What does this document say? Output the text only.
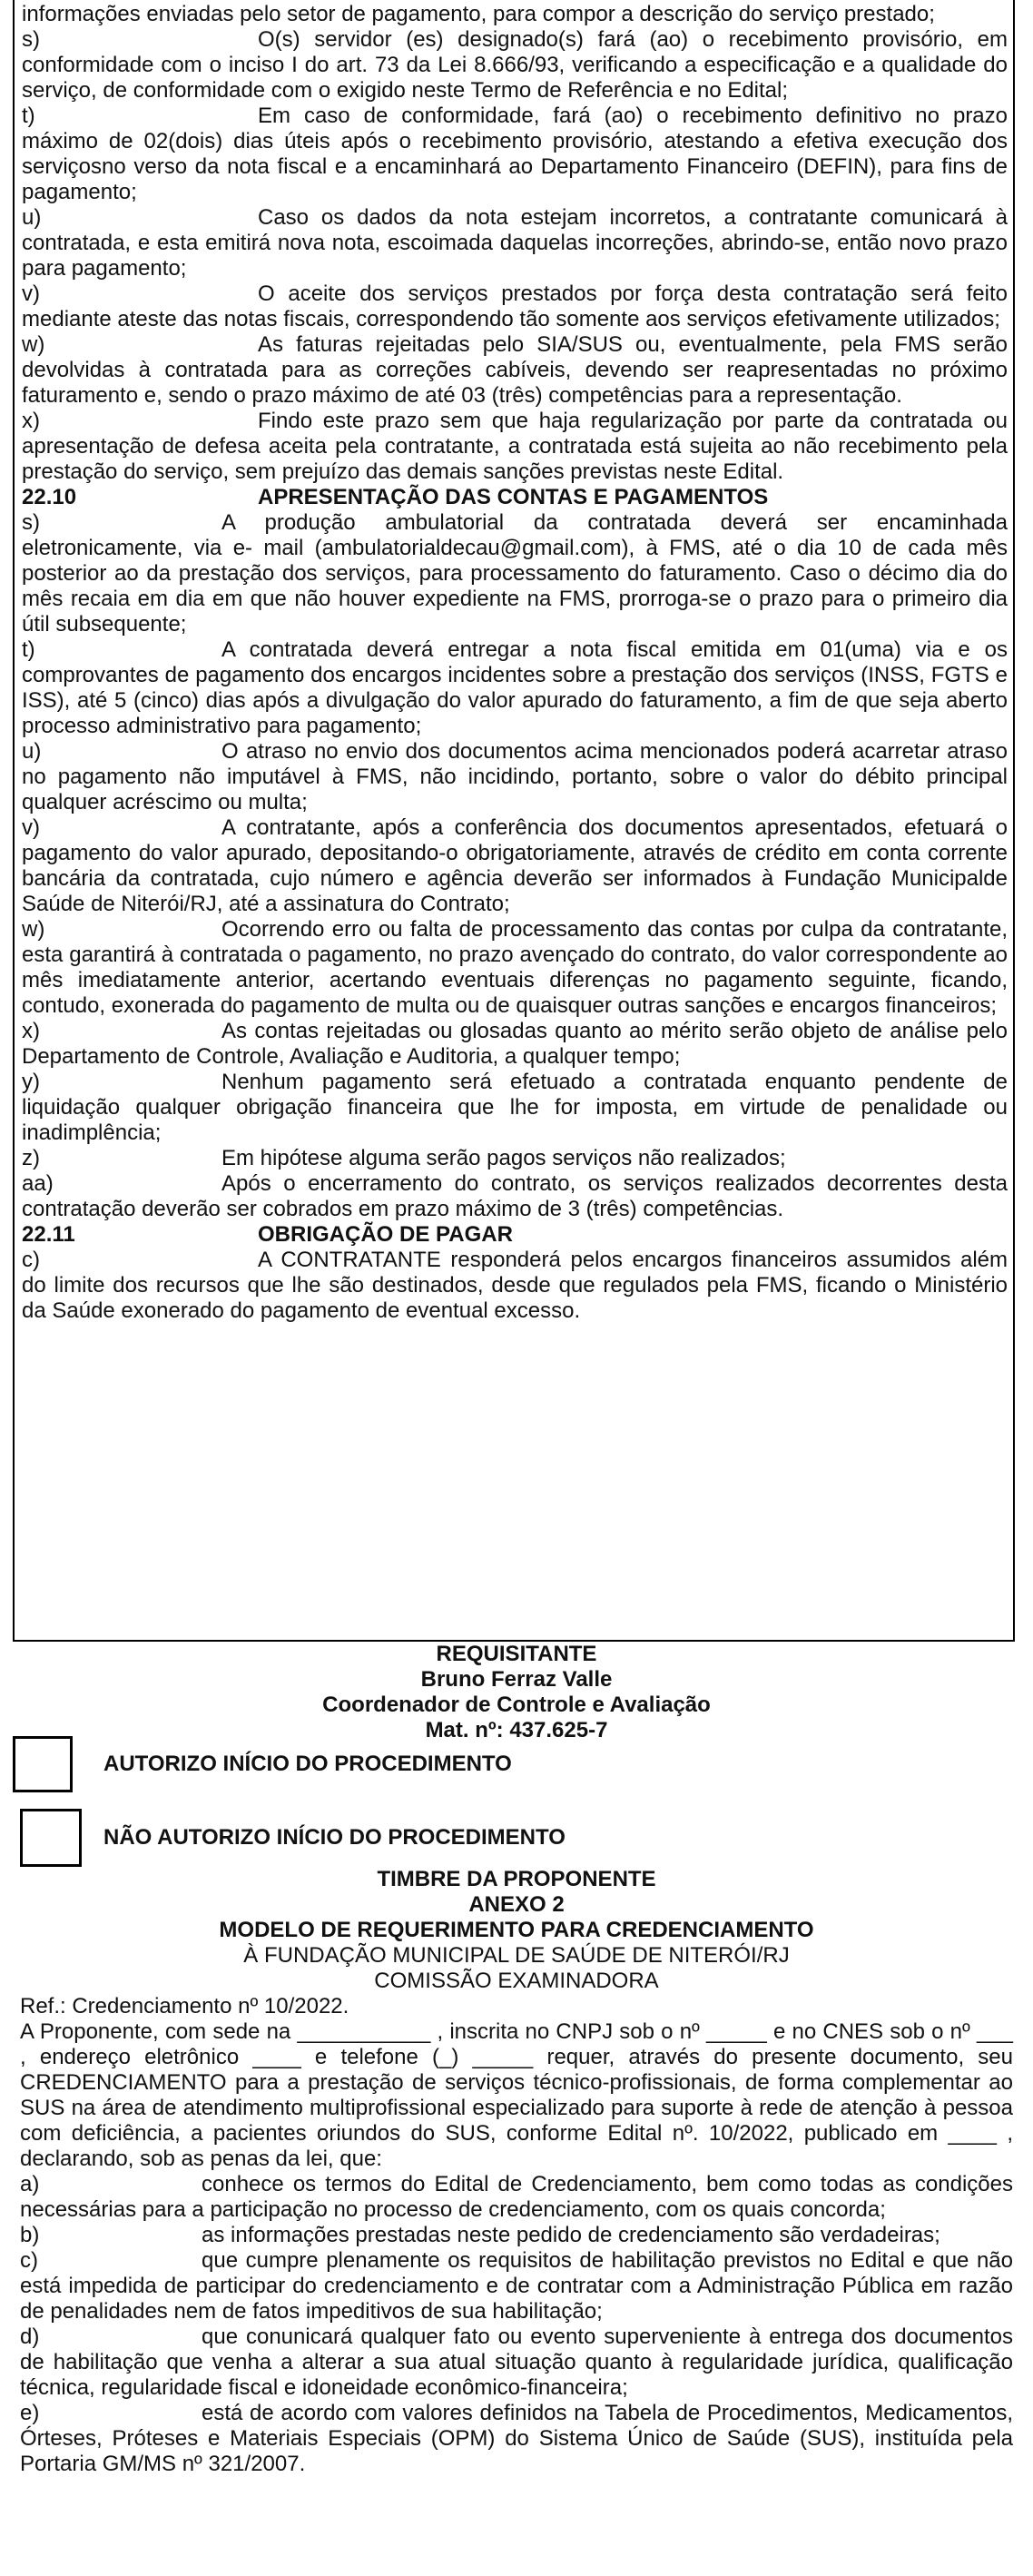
informações enviadas pelo setor de pagamento, para compor a descrição do serviço prestado;

s)	O(s) servidor (es) designado(s) fará (ao) o recebimento provisório, em conformidade com o inciso I do art. 73 da Lei 8.666/93, verificando a especificação e a qualidade do serviço, de conformidade com o exigido neste Termo de Referência e no Edital;

t)	Em caso de conformidade, fará (ao) o recebimento definitivo no prazo máximo de 02(dois) dias úteis após o recebimento provisório, atestando a efetiva execução dos serviçosno verso da nota fiscal e a encaminhará ao Departamento Financeiro (DEFIN), para fins de pagamento;

u)	Caso os dados da nota estejam incorretos, a contratante comunicará à contratada, e esta emitirá nova nota, escoimada daquelas incorreções, abrindo-se, então novo prazo para pagamento;

v)	O aceite dos serviços prestados por força desta contratação será feito mediante ateste das notas fiscais, correspondendo tão somente aos serviços efetivamente utilizados;

w)	As faturas rejeitadas pelo SIA/SUS ou, eventualmente, pela FMS serão devolvidas à contratada para as correções cabíveis, devendo ser reapresentadas no próximo faturamento e, sendo o prazo máximo de até 03 (três) competências para a representação.

x)	Findo este prazo sem que haja regularização por parte da contratada ou apresentação de defesa aceita pela contratante, a contratada está sujeita ao não recebimento pela prestação do serviço, sem prejuízo das demais sanções previstas neste Edital.

22.10	APRESENTAÇÃO DAS CONTAS E PAGAMENTOS

s)	A produção ambulatorial da contratada deverá ser encaminhada eletronicamente, via e- mail (ambulatorialdecau@gmail.com), à FMS, até o dia 10 de cada mês posterior ao da prestação dos serviços, para processamento do faturamento. Caso o décimo dia do mês recaia em dia em que não houver expediente na FMS, prorroga-se o prazo para o primeiro dia útil subsequente;

t)	A contratada deverá entregar a nota fiscal emitida em 01(uma) via e os comprovantes de pagamento dos encargos incidentes sobre a prestação dos serviços (INSS, FGTS e ISS), até 5 (cinco) dias após a divulgação do valor apurado do faturamento, a fim de que seja aberto processo administrativo para pagamento;

u)	O atraso no envio dos documentos acima mencionados poderá acarretar atraso no pagamento não imputável à FMS, não incidindo, portanto, sobre o valor do débito principal qualquer acréscimo ou multa;

v)	A contratante, após a conferência dos documentos apresentados, efetuará o pagamento do valor apurado, depositando-o obrigatoriamente, através de crédito em conta corrente bancária da contratada, cujo número e agência deverão ser informados à Fundação Municipalde Saúde de Niterói/RJ, até a assinatura do Contrato;

w)	Ocorrendo erro ou falta de processamento das contas por culpa da contratante, esta garantirá à contratada o pagamento, no prazo avençado do contrato, do valor correspondente ao mês imediatamente anterior, acertando eventuais diferenças no pagamento seguinte, ficando, contudo, exonerada do pagamento de multa ou de quaisquer outras sanções e encargos financeiros;

x)	As contas rejeitadas ou glosadas quanto ao mérito serão objeto de análise pelo Departamento de Controle, Avaliação e Auditoria, a qualquer tempo;

y)	Nenhum pagamento será efetuado a contratada enquanto pendente de liquidação qualquer obrigação financeira que lhe for imposta, em virtude de penalidade ou inadimplência;

z)	Em hipótese alguma serão pagos serviços não realizados;

aa)	Após o encerramento do contrato, os serviços realizados decorrentes desta contratação deverão ser cobrados em prazo máximo de 3 (três) competências.

22.11	OBRIGAÇÃO DE PAGAR

c)	A CONTRATANTE responderá pelos encargos financeiros assumidos além do limite dos recursos que lhe são destinados, desde que regulados pela FMS, ficando o Ministério da Saúde exonerado do pagamento de eventual excesso.

REQUISITANTE

Bruno Ferraz Valle

Coordenador de Controle e Avaliação

Mat. nº: 437.625-7

AUTORIZO INÍCIO DO PROCEDIMENTO
NÃO AUTORIZO INÍCIO DO PROCEDIMENTO

TIMBRE DA PROPONENTE

ANEXO 2

MODELO DE REQUERIMENTO PARA CREDENCIAMENTO

À FUNDAÇÃO MUNICIPAL DE SAÚDE DE NITERÓI/RJ

COMISSÃO EXAMINADORA

Ref.: Credenciamento nº 10/2022.

A Proponente, com sede na ___________ , inscrita no CNPJ sob o nº _____ e no CNES sob o nº ___ , endereço eletrônico ____ e telefone (_) _____ requer, através do presente documento, seu CREDENCIAMENTO para a prestação de serviços técnico-profissionais, de forma complementar ao SUS na área de atendimento multiprofissional especializado para suporte à rede de atenção à pessoa com deficiência, a pacientes oriundos do SUS, conforme Edital nº. 10/2022, publicado em ____ , declarando, sob as penas da lei, que:

a)	conhece os termos do Edital de Credenciamento, bem como todas as condições necessárias para a participação no processo de credenciamento, com os quais concorda;

b)	as informações prestadas neste pedido de credenciamento são verdadeiras;

c)	que cumpre plenamente os requisitos de habilitação previstos no Edital e que não está impedida de participar do credenciamento e de contratar com a Administração Pública em razão de penalidades nem de fatos impeditivos de sua habilitação;

d)	que conunicará qualquer fato ou evento superveniente à entrega dos documentos de habilitação que venha a alterar a sua atual situação quanto à regularidade jurídica, qualificação técnica, regularidade fiscal e idoneidade econômico-financeira;

e)	está de acordo com valores definidos na Tabela de Procedimentos, Medicamentos, Órteses, Próteses e Materiais Especiais (OPM) do Sistema Único de Saúde (SUS), instituída pela Portaria GM/MS nº 321/2007.
